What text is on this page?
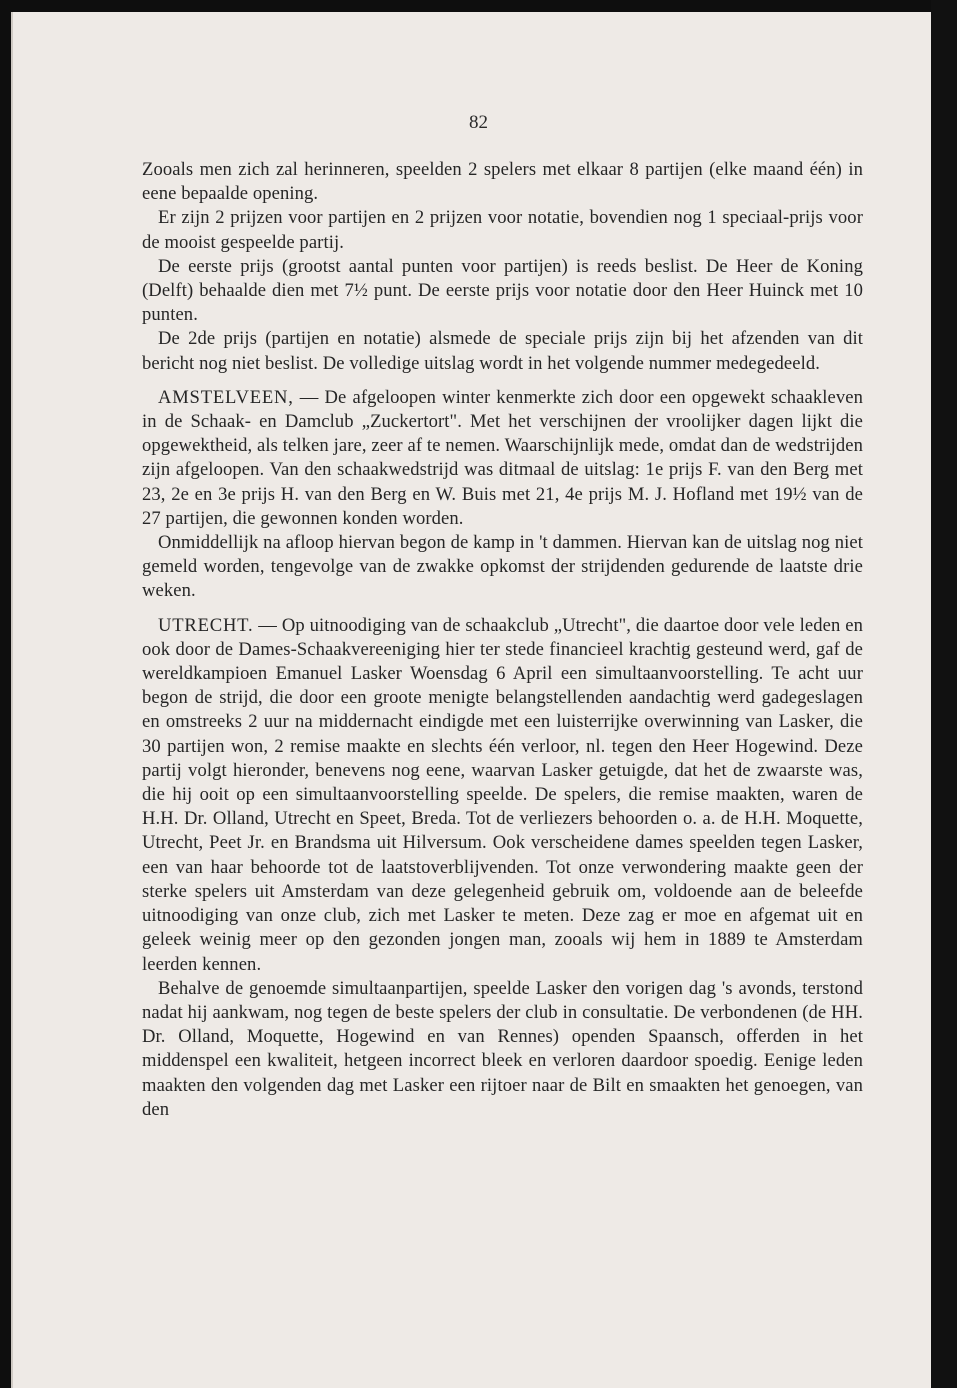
82

Zooals men zich zal herinneren, speelden 2 spelers met elkaar 8 partijen (elke maand één) in eene bepaalde opening.

Er zijn 2 prijzen voor partijen en 2 prijzen voor notatie, bovendien nog 1 speciaal-prijs voor de mooist gespeelde partij.

De eerste prijs (grootst aantal punten voor partijen) is reeds beslist. De Heer de Koning (Delft) behaalde dien met 7½ punt. De eerste prijs voor notatie door den Heer Huinck met 10 punten.

De 2de prijs (partijen en notatie) alsmede de speciale prijs zijn bij het afzenden van dit bericht nog niet beslist. De volledige uitslag wordt in het volgende nummer medegedeeld.

AMSTELVEEN, — De afgeloopen winter kenmerkte zich door een opgewekt schaakleven in de Schaak- en Damclub „Zuckertort". Met het verschijnen der vroolijker dagen lijkt die opgewektheid, als telken jare, zeer af te nemen. Waarschijnlijk mede, omdat dan de wedstrijden zijn afgeloopen. Van den schaakwedstrijd was ditmaal de uitslag: 1e prijs F. van den Berg met 23, 2e en 3e prijs H. van den Berg en W. Buis met 21, 4e prijs M. J. Hofland met 19½ van de 27 partijen, die gewonnen konden worden.

Onmiddellijk na afloop hiervan begon de kamp in 't dammen. Hiervan kan de uitslag nog niet gemeld worden, tengevolge van de zwakke opkomst der strijdenden gedurende de laatste drie weken.

UTRECHT. — Op uitnoodiging van de schaakclub „Utrecht", die daartoe door vele leden en ook door de Dames-Schaakvereeniging hier ter stede financieel krachtig gesteund werd, gaf de wereldkampioen Emanuel Lasker Woensdag 6 April een simultaanvoorstelling. Te acht uur begon de strijd, die door een groote menigte belangstellenden aandachtig werd gadegeslagen en omstreeks 2 uur na middernacht eindigde met een luisterrijke overwinning van Lasker, die 30 partijen won, 2 remise maakte en slechts één verloor, nl. tegen den Heer Hogewind. Deze partij volgt hieronder, benevens nog eene, waarvan Lasker getuigde, dat het de zwaarste was, die hij ooit op een simultaanvoorstelling speelde. De spelers, die remise maakten, waren de H.H. Dr. Olland, Utrecht en Speet, Breda. Tot de verliezers behoorden o. a. de H.H. Moquette, Utrecht, Peet Jr. en Brandsma uit Hilversum. Ook verscheidene dames speelden tegen Lasker, een van haar behoorde tot de laatstoverblijvenden. Tot onze verwondering maakte geen der sterke spelers uit Amsterdam van deze gelegenheid gebruik om, voldoende aan de beleefde uitnoodiging van onze club, zich met Lasker te meten. Deze zag er moe en afgemat uit en geleek weinig meer op den gezonden jongen man, zooals wij hem in 1889 te Amsterdam leerden kennen.

Behalve de genoemde simultaanpartijen, speelde Lasker den vorigen dag 's avonds, terstond nadat hij aankwam, nog tegen de beste spelers der club in consultatie. De verbondenen (de HH. Dr. Olland, Moquette, Hogewind en van Rennes) openden Spaansch, offerden in het middenspel een kwaliteit, hetgeen incorrect bleek en verloren daardoor spoedig. Eenige leden maakten den volgenden dag met Lasker een rijtoer naar de Bilt en smaakten het genoegen, van den
